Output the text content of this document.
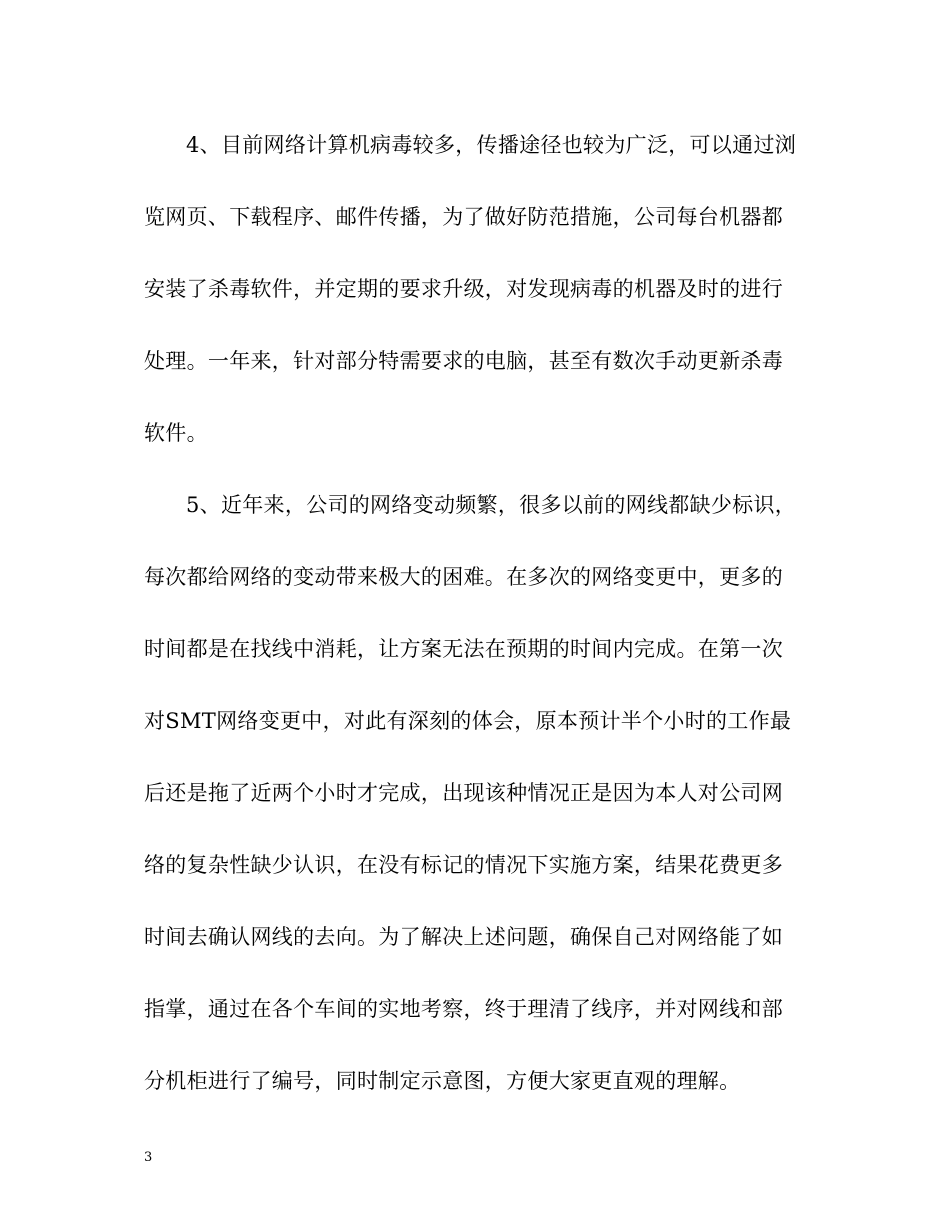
4、目前网络计算机病毒较多，传播途径也较为广泛，可以通过浏
览网页、下载程序、邮件传播，为了做好防范措施，公司每台机器都
安装了杀毒软件，并定期的要求升级，对发现病毒的机器及时的进行
处理。一年来，针对部分特需要求的电脑，甚至有数次手动更新杀毒
软件。
5、近年来，公司的网络变动频繁，很多以前的网线都缺少标识，
每次都给网络的变动带来极大的困难。在多次的网络变更中，更多的
时间都是在找线中消耗，让方案无法在预期的时间内完成。在第一次
对SMT网络变更中，对此有深刻的体会，原本预计半个小时的工作最
后还是拖了近两个小时才完成，出现该种情况正是因为本人对公司网
络的复杂性缺少认识，在没有标记的情况下实施方案，结果花费更多
时间去确认网线的去向。为了解决上述问题，确保自己对网络能了如
指掌，通过在各个车间的实地考察，终于理清了线序，并对网线和部
分机柜进行了编号，同时制定示意图，方便大家更直观的理解。
3
